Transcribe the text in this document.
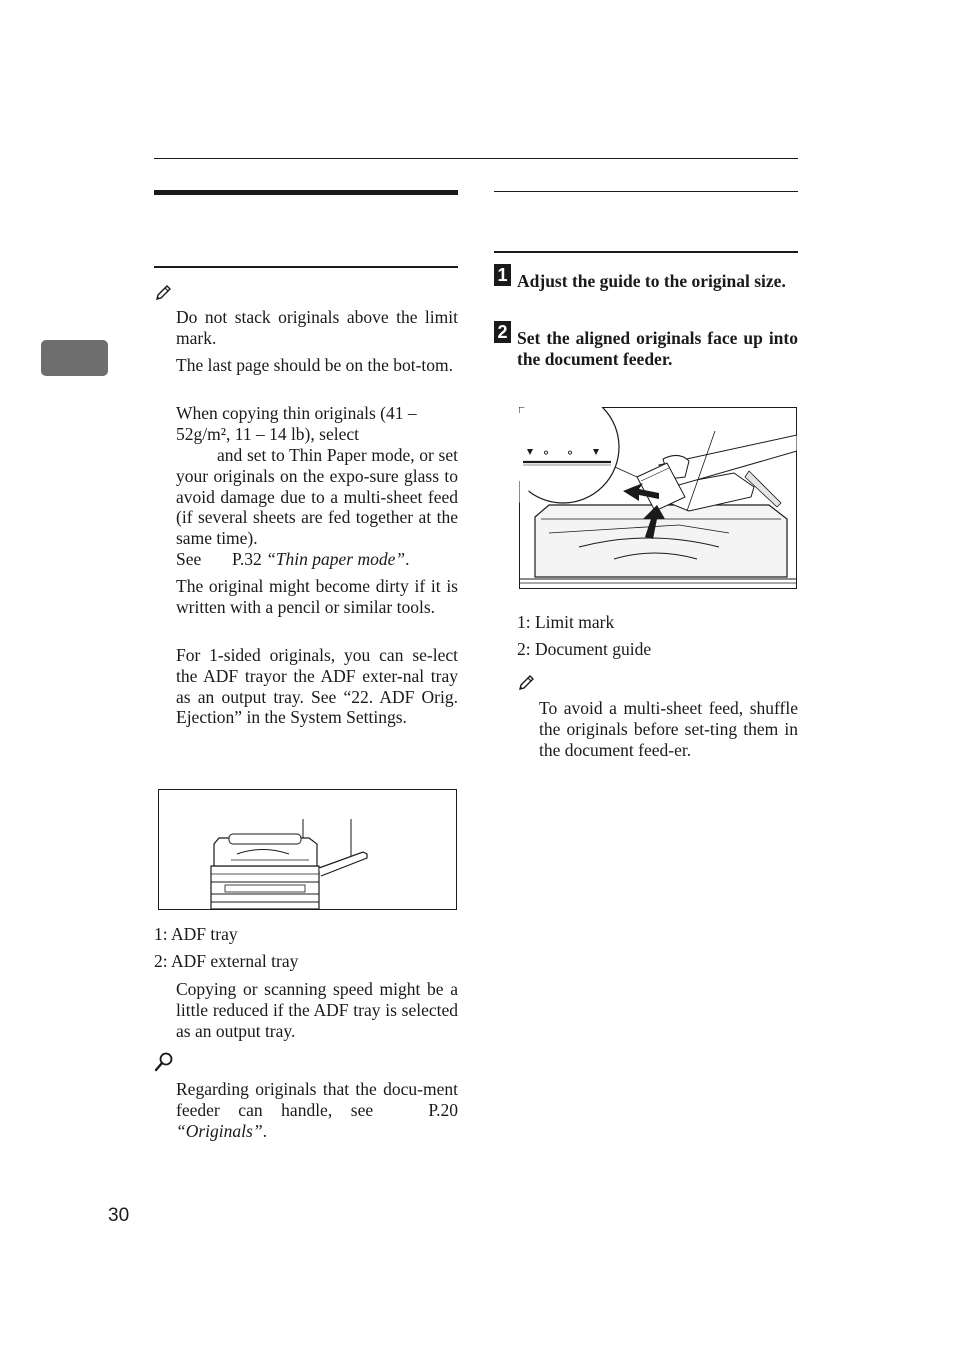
Do not stack originals above the limit mark.

The last page should be on the bot-tom.

When copying thin originals (41 – 52g/m², 11 – 14 lb), select

and set to Thin Paper mode, or set your originals on the expo-sure glass to avoid damage due to a multi-sheet feed (if several sheets are fed together at the same time).

See P.32 “Thin paper mode”.

The original might become dirty if it is written with a pencil or similar tools.

For 1-sided originals, you can se-lect the ADF trayor the ADF exter-nal tray as an output tray. See “22. ADF Orig. Ejection” in the System Settings.

1: ADF tray

2: ADF external tray

Copying or scanning speed might be a little reduced if the ADF tray is selected as an output tray.

Regarding originals that the docu-ment feeder can handle, see	P.20 “Originals”.

1 Adjust the guide to the original size.
2 Set the aligned originals face up into the document feeder.
⚬ ⚬

1: Limit mark

2: Document guide

To avoid a multi-sheet feed, shuffle the originals before set-ting them in the document feed-er.

30
